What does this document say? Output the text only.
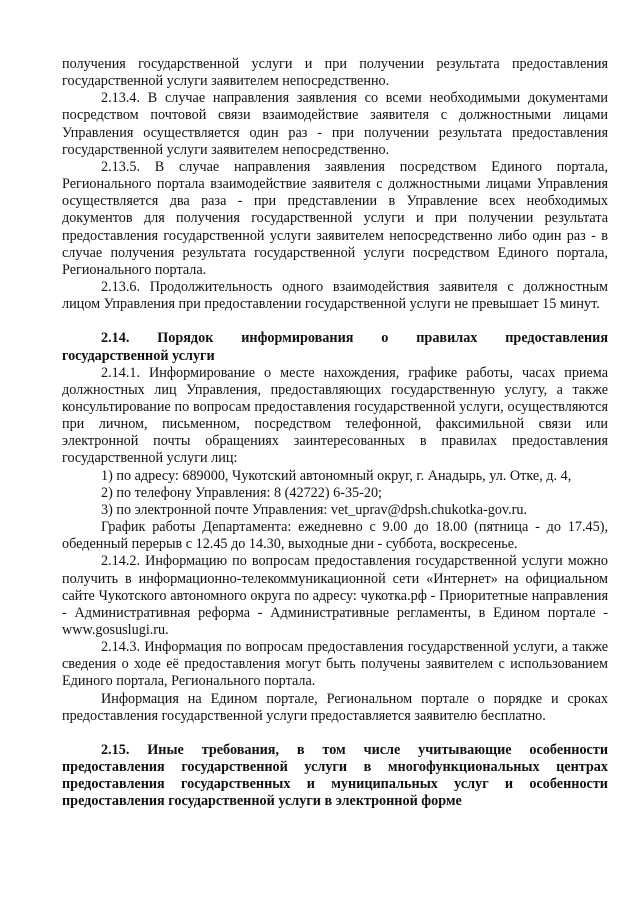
получения государственной услуги и при получении результата предоставления государственной услуги заявителем непосредственно.

2.13.4. В случае направления заявления со всеми необходимыми документами посредством почтовой связи взаимодействие заявителя с должностными лицами Управления осуществляется один раз - при получении результата предоставления государственной услуги заявителем непосредственно.

2.13.5. В случае направления заявления посредством Единого портала, Регионального портала взаимодействие заявителя с должностными лицами Управления осуществляется два раза - при представлении в Управление всех необходимых документов для получения государственной услуги и при получении результата предоставления государственной услуги заявителем непосредственно либо один раз - в случае получения результата государственной услуги посредством Единого портала, Регионального портала.

2.13.6. Продолжительность одного взаимодействия заявителя с должностным лицом Управления при предоставлении государственной услуги не превышает 15 минут.

2.14. Порядок информирования о правилах предоставления

государственной услуги

2.14.1. Информирование о месте нахождения, графике работы, часах приема должностных лиц Управления, предоставляющих государственную услугу, а также консультирование по вопросам предоставления государственной услуги, осуществляются при личном, письменном, посредством телефонной, факсимильной связи или электронной почты обращениях заинтересованных в правилах предоставления государственной услуги лиц:

1) по адресу: 689000, Чукотский автономный округ, г. Анадырь, ул. Отке, д. 4,

2) по телефону Управления: 8 (42722) 6-35-20;

3) по электронной почте Управления: vet_uprav@dpsh.chukotka-gov.ru.

График работы Департамента: ежедневно с 9.00 до 18.00 (пятница - до 17.45), обеденный перерыв с 12.45 до 14.30, выходные дни - суббота, воскресенье.

2.14.2. Информацию по вопросам предоставления государственной услуги можно получить в информационно-телекоммуникационной сети «Интернет» на официальном сайте Чукотского автономного округа по адресу: чукотка.рф - Приоритетные направления - Административная реформа - Административные регламенты, в Едином портале - www.gosuslugi.ru.

2.14.3. Информация по вопросам предоставления государственной услуги, а также сведения о ходе её предоставления могут быть получены заявителем с использованием Единого портала, Регионального портала.

Информация на Едином портале, Региональном портале о порядке и сроках предоставления государственной услуги предоставляется заявителю бесплатно.

2.15. Иные требования, в том числе учитывающие особенности предоставления государственной услуги в многофункциональных центрах предоставления государственных и муниципальных услуг и особенности предоставления государственной услуги в электронной форме
